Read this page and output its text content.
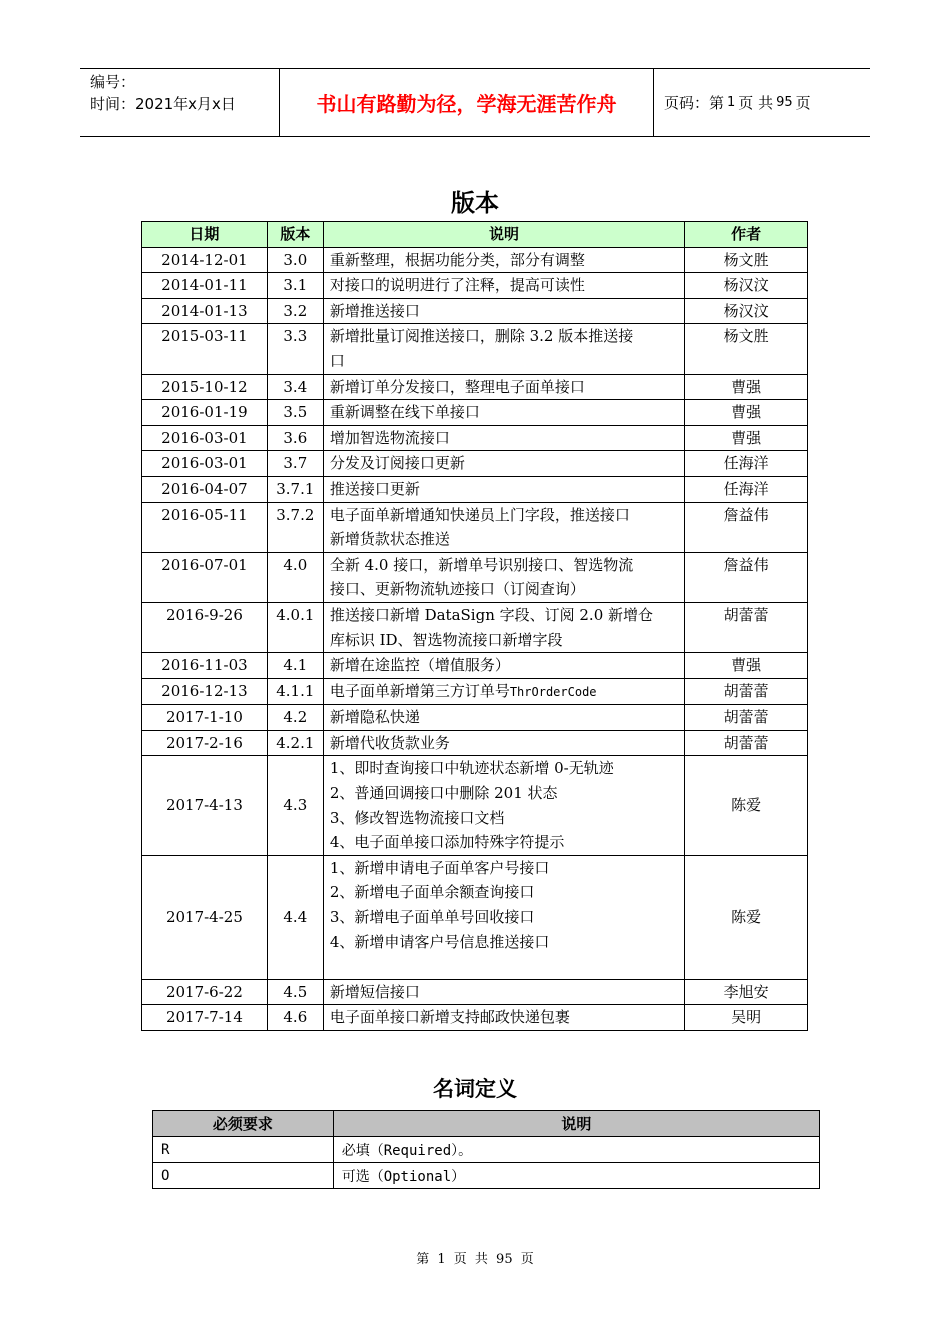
编号：
时间：2021年x月x日	书山有路勤为径，学海无涯苦作舟	页码：第 1 页 共 95 页
版本
日期	版本	说明	作者
2014-12-01	3.0	重新整理，根据功能分类，部分有调整	杨文胜
2014-01-11	3.1	对接口的说明进行了注释，提高可读性	杨汉汶
2014-01-13	3.2	新增推送接口	杨汉汶
2015-03-11	3.3	新增批量订阅推送接口，删除 3.2 版本推送接
口	杨文胜
2015-10-12	3.4	新增订单分发接口，整理电子面单接口	曹强
2016-01-19	3.5	重新调整在线下单接口	曹强
2016-03-01	3.6	增加智选物流接口	曹强
2016-03-01	3.7	分发及订阅接口更新	任海洋
2016-04-07	3.7.1	推送接口更新	任海洋
2016-05-11	3.7.2	电子面单新增通知快递员上门字段，推送接口
新增货款状态推送	詹益伟
2016-07-01	4.0	全新 4.0 接口，新增单号识别接口、智选物流
接口、更新物流轨迹接口（订阅查询）	詹益伟
2016-9-26	4.0.1	推送接口新增 DataSign 字段、订阅 2.0 新增仓
库标识 ID、智选物流接口新增字段	胡蕾蕾
2016-11-03	4.1	新增在途监控（增值服务）	曹强
2016-12-13	4.1.1	电子面单新增第三方订单号ThrOrderCode	胡蕾蕾
2017-1-10	4.2	新增隐私快递	胡蕾蕾
2017-2-16	4.2.1	新增代收货款业务	胡蕾蕾
2017-4-13	4.3	1、即时查询接口中轨迹状态新增 0-无轨迹
2、普通回调接口中删除 201 状态
3、修改智选物流接口文档
4、电子面单接口添加特殊字符提示	陈爱
2017-4-25	4.4	1、新增申请电子面单客户号接口
2、新增电子面单余额查询接口
3、新增电子面单单号回收接口
4、新增申请客户号信息推送接口	陈爱
2017-6-22	4.5	新增短信接口	李旭安
2017-7-14	4.6	电子面单接口新增支持邮政快递包裹	吴明
名词定义
必须要求	说明
R	必填（Required）。
O	可选（Optional）
第 1 页 共 95 页
